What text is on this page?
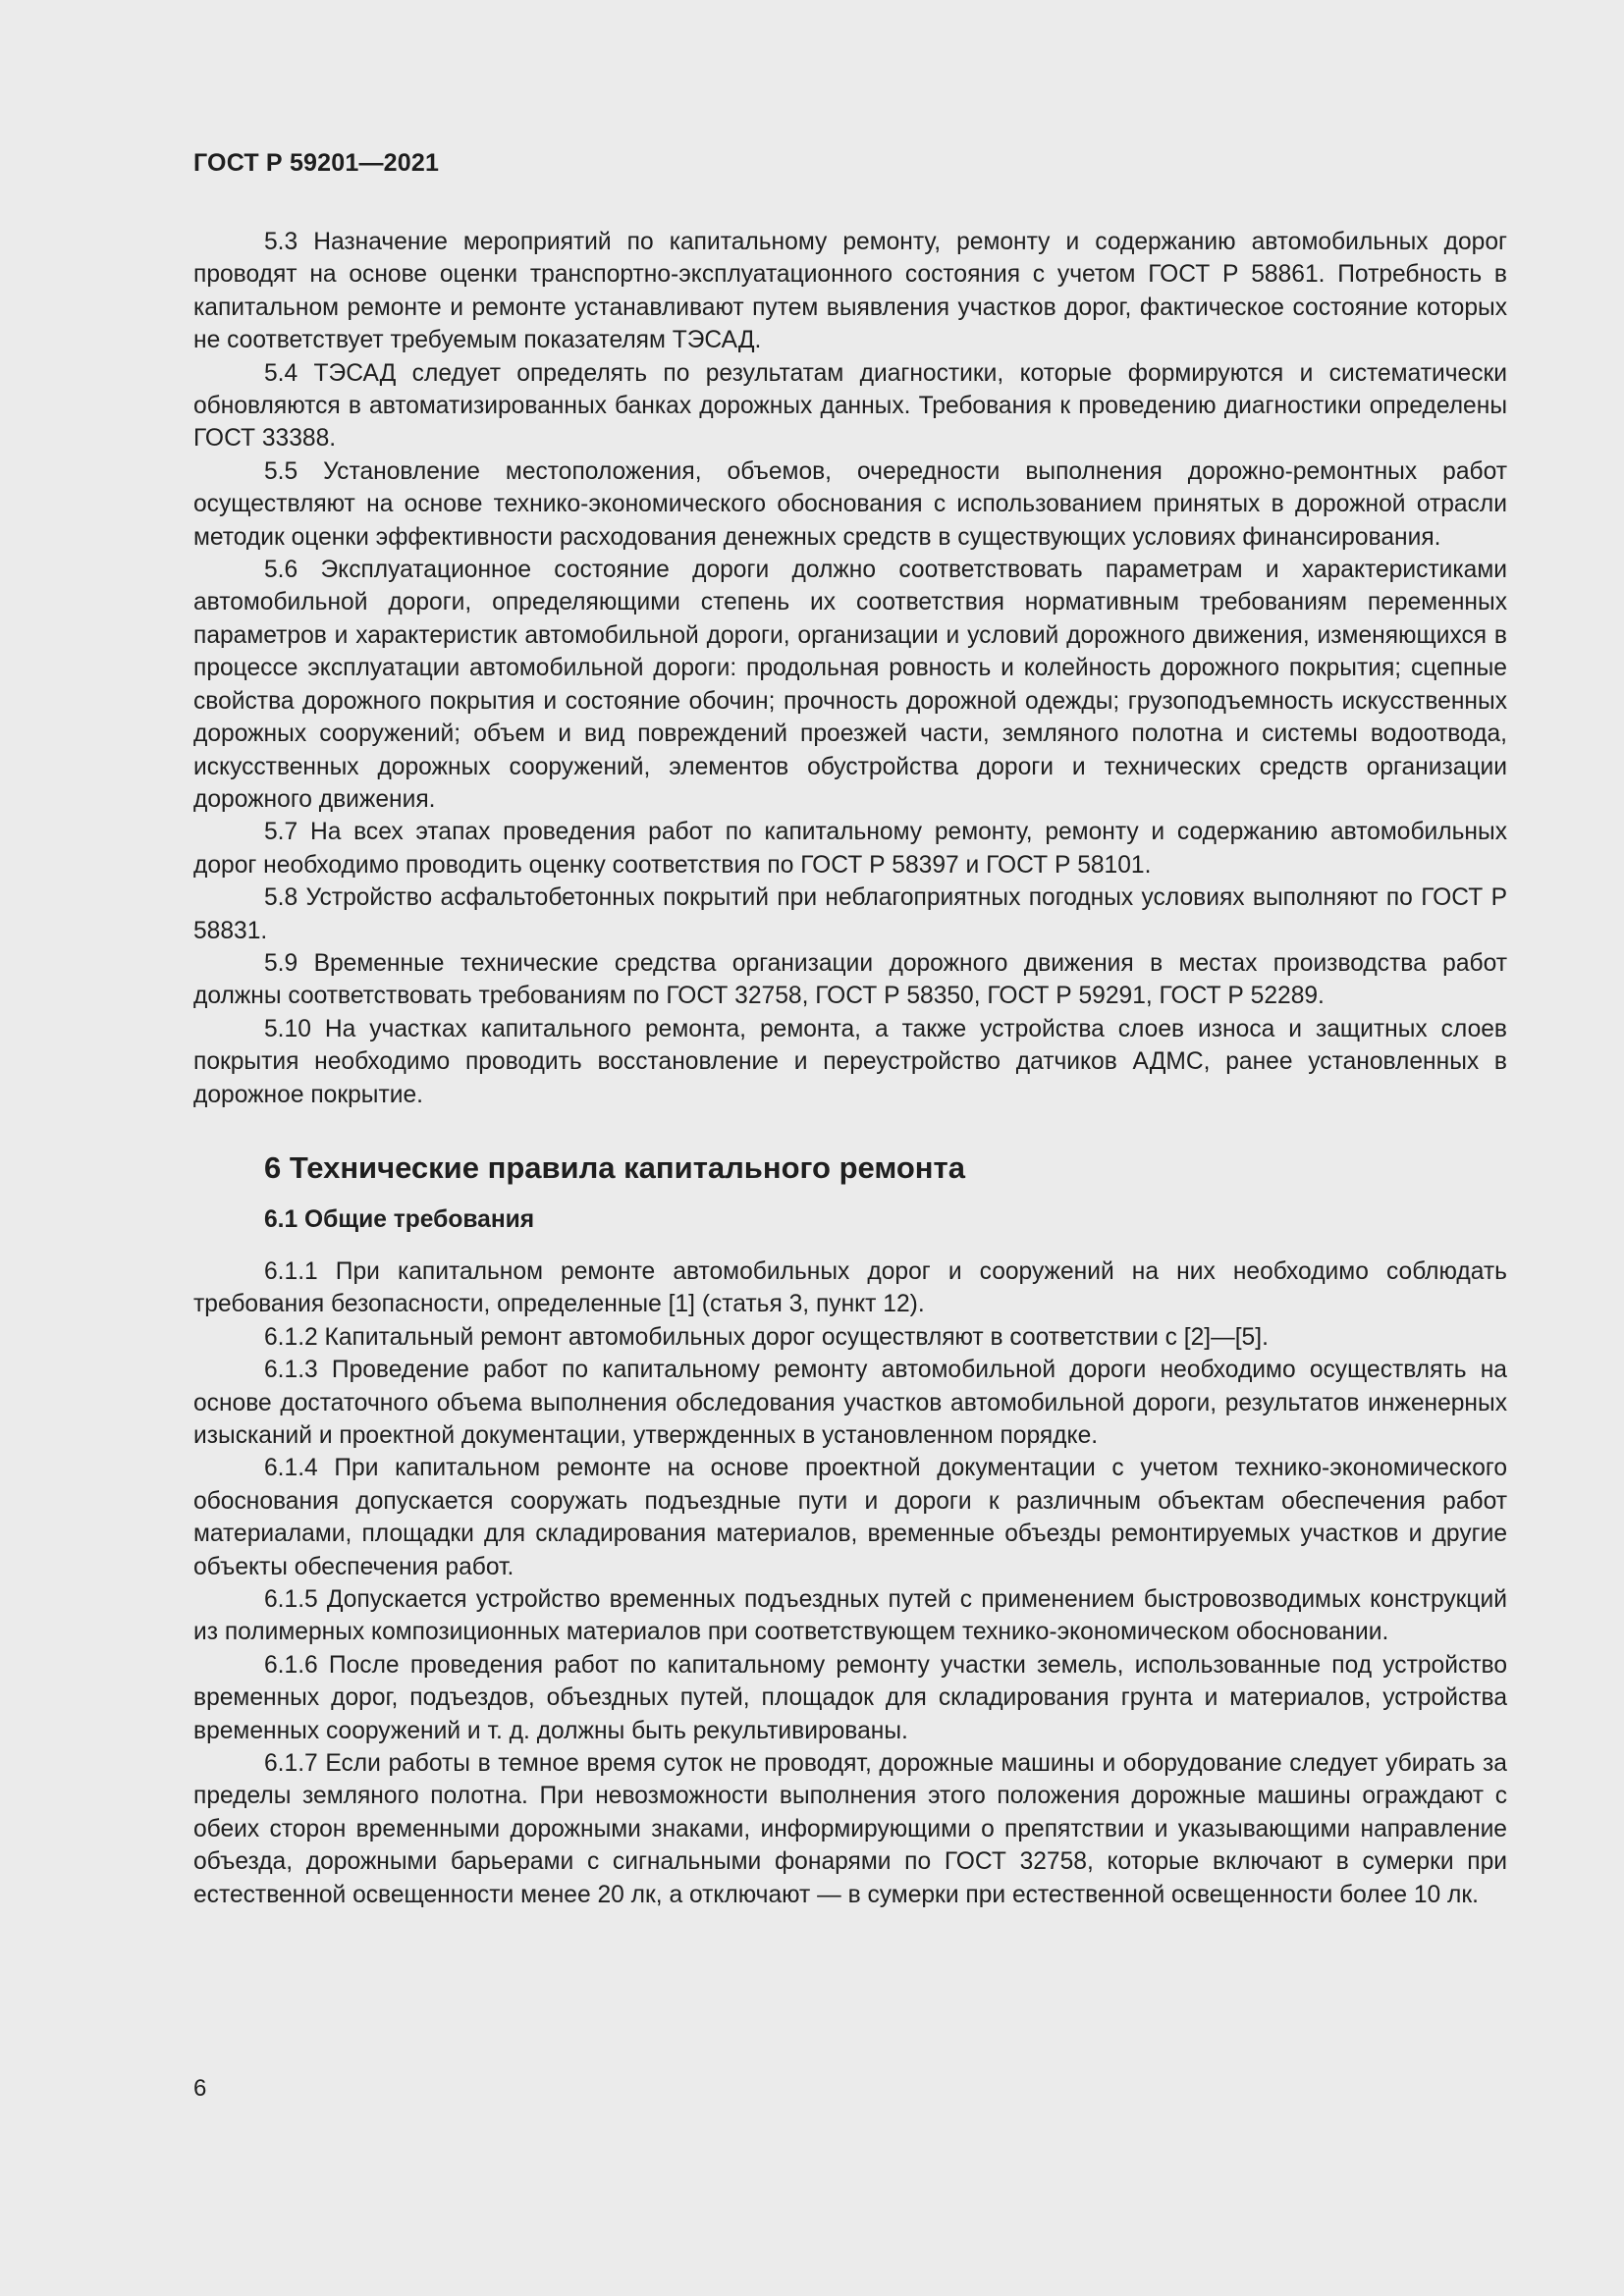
ГОСТ Р 59201—2021

5.3 Назначение мероприятий по капитальному ремонту, ремонту и содержанию автомобильных дорог проводят на основе оценки транспортно-эксплуатационного состояния с учетом ГОСТ Р 58861. Потребность в капитальном ремонте и ремонте устанавливают путем выявления участков дорог, фактическое состояние которых не соответствует требуемым показателям ТЭСАД.

5.4 ТЭСАД следует определять по результатам диагностики, которые формируются и систематически обновляются в автоматизированных банках дорожных данных. Требования к проведению диагностики определены ГОСТ 33388.

5.5 Установление местоположения, объемов, очередности выполнения дорожно-ремонтных работ осуществляют на основе технико-экономического обоснования с использованием принятых в дорожной отрасли методик оценки эффективности расходования денежных средств в существующих условиях финансирования.

5.6 Эксплуатационное состояние дороги должно соответствовать параметрам и характеристиками автомобильной дороги, определяющими степень их соответствия нормативным требованиям переменных параметров и характеристик автомобильной дороги, организации и условий дорожного движения, изменяющихся в процессе эксплуатации автомобильной дороги: продольная ровность и колейность дорожного покрытия; сцепные свойства дорожного покрытия и состояние обочин; прочность дорожной одежды; грузоподъемность искусственных дорожных сооружений; объем и вид повреждений проезжей части, земляного полотна и системы водоотвода, искусственных дорожных сооружений, элементов обустройства дороги и технических средств организации дорожного движения.

5.7 На всех этапах проведения работ по капитальному ремонту, ремонту и содержанию автомобильных дорог необходимо проводить оценку соответствия по ГОСТ Р 58397 и ГОСТ Р 58101.

5.8 Устройство асфальтобетонных покрытий при неблагоприятных погодных условиях выполняют по ГОСТ Р 58831.

5.9 Временные технические средства организации дорожного движения в местах производства работ должны соответствовать требованиям по ГОСТ 32758, ГОСТ Р 58350, ГОСТ Р 59291, ГОСТ Р 52289.

5.10 На участках капитального ремонта, ремонта, а также устройства слоев износа и защитных слоев покрытия необходимо проводить восстановление и переустройство датчиков АДМС, ранее установленных в дорожное покрытие.

6 Технические правила капитального ремонта
6.1 Общие требования

6.1.1 При капитальном ремонте автомобильных дорог и сооружений на них необходимо соблюдать требования безопасности, определенные [1] (статья 3, пункт 12).

6.1.2 Капитальный ремонт автомобильных дорог осуществляют в соответствии с [2]—[5].

6.1.3 Проведение работ по капитальному ремонту автомобильной дороги необходимо осуществлять на основе достаточного объема выполнения обследования участков автомобильной дороги, результатов инженерных изысканий и проектной документации, утвержденных в установленном порядке.

6.1.4 При капитальном ремонте на основе проектной документации с учетом технико-экономического обоснования допускается сооружать подъездные пути и дороги к различным объектам обеспечения работ материалами, площадки для складирования материалов, временные объезды ремонтируемых участков и другие объекты обеспечения работ.

6.1.5 Допускается устройство временных подъездных путей с применением быстровозводимых конструкций из полимерных композиционных материалов при соответствующем технико-экономическом обосновании.

6.1.6 После проведения работ по капитальному ремонту участки земель, использованные под устройство временных дорог, подъездов, объездных путей, площадок для складирования грунта и материалов, устройства временных сооружений и т. д. должны быть рекультивированы.

6.1.7 Если работы в темное время суток не проводят, дорожные машины и оборудование следует убирать за пределы земляного полотна. При невозможности выполнения этого положения дорожные машины ограждают с обеих сторон временными дорожными знаками, информирующими о препятствии и указывающими направление объезда, дорожными барьерами с сигнальными фонарями по ГОСТ 32758, которые включают в сумерки при естественной освещенности менее 20 лк, а отключают — в сумерки при естественной освещенности более 10 лк.

6
